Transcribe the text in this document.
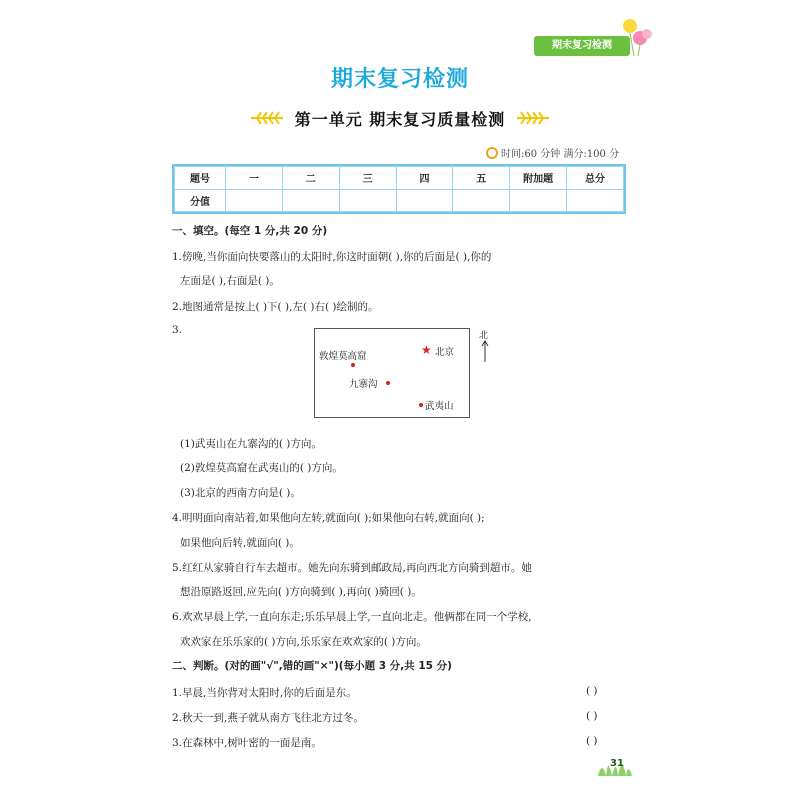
期末复习检测
期末复习检测
第一单元 期末复习质量检测
时间:60 分钟 满分:100 分
题号	一	二	三	四	五	附加题	总分
分值							
一、填空。(每空 1 分,共 20 分)
1.傍晚,当你面向快要落山的太阳时,你这时面朝( ),你的后面是( ),你的
左面是( ),右面是( )。
2.地图通常是按上( )下( ),左( )右( )绘制的。
3.
敦煌莫高窟	★ 北京
九寨沟
武夷山
北
(1)武夷山在九寨沟的( )方向。
(2)敦煌莫高窟在武夷山的( )方向。
(3)北京的西南方向是( )。
4.明明面向南站着,如果他向左转,就面向( );如果他向右转,就面向( );
如果他向后转,就面向( )。
5.红红从家骑自行车去超市。她先向东骑到邮政局,再向西北方向骑到超市。她
想沿原路返回,应先向( )方向骑到( ),再向( )骑回( )。
6.欢欢早晨上学,一直向东走;乐乐早晨上学,一直向北走。他俩都在同一个学校,
欢欢家在乐乐家的( )方向,乐乐家在欢欢家的( )方向。
二、判断。(对的画"√",错的画"×")(每小题 3 分,共 15 分)
1.早晨,当你背对太阳时,你的后面是东。	( )
2.秋天一到,燕子就从南方飞往北方过冬。	( )
3.在森林中,树叶密的一面是南。	( )
31
